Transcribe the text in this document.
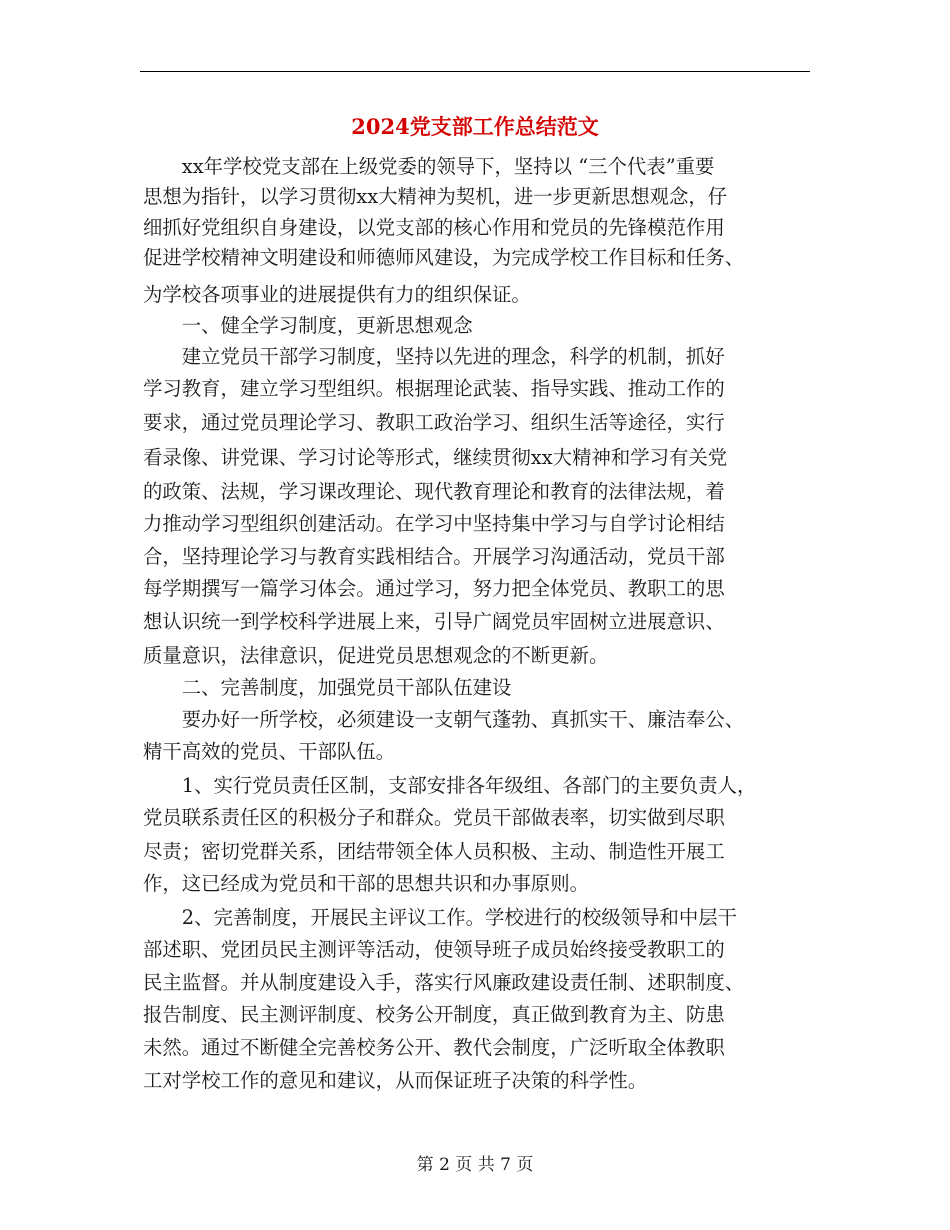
2024党支部工作总结范文

　　xx年学校党支部在上级党委的领导下，坚持以 “三个代表”重要

思想为指针，以学习贯彻xx大精神为契机，进一步更新思想观念，仔

细抓好党组织自身建设，以党支部的核心作用和党员的先锋模范作用

促进学校精神文明建设和师德师风建设，为完成学校工作目标和任务、

为学校各项事业的进展提供有力的组织保证。

　　一、健全学习制度，更新思想观念

　　建立党员干部学习制度，坚持以先进的理念，科学的机制，抓好

学习教育，建立学习型组织。根据理论武装、指导实践、推动工作的

要求，通过党员理论学习、教职工政治学习、组织生活等途径，实行

看录像、讲党课、学习讨论等形式，继续贯彻xx大精神和学习有关党

的政策、法规，学习课改理论、现代教育理论和教育的法律法规，着

力推动学习型组织创建活动。在学习中坚持集中学习与自学讨论相结

合，坚持理论学习与教育实践相结合。开展学习沟通活动，党员干部

每学期撰写一篇学习体会。通过学习，努力把全体党员、教职工的思

想认识统一到学校科学进展上来，引导广阔党员牢固树立进展意识、

质量意识，法律意识，促进党员思想观念的不断更新。

　　二、完善制度，加强党员干部队伍建设

　　要办好一所学校，必须建设一支朝气蓬勃、真抓实干、廉洁奉公、

精干高效的党员、干部队伍。

　　1、实行党员责任区制，支部安排各年级组、各部门的主要负责人，

党员联系责任区的积极分子和群众。党员干部做表率，切实做到尽职

尽责；密切党群关系，团结带领全体人员积极、主动、制造性开展工

作，这已经成为党员和干部的思想共识和办事原则。

　　2、完善制度，开展民主评议工作。学校进行的校级领导和中层干

部述职、党团员民主测评等活动，使领导班子成员始终接受教职工的

民主监督。并从制度建设入手，落实行风廉政建设责任制、述职制度、

报告制度、民主测评制度、校务公开制度，真正做到教育为主、防患

未然。通过不断健全完善校务公开、教代会制度，广泛听取全体教职

工对学校工作的意见和建议，从而保证班子决策的科学性。

第 2 页 共 7 页
